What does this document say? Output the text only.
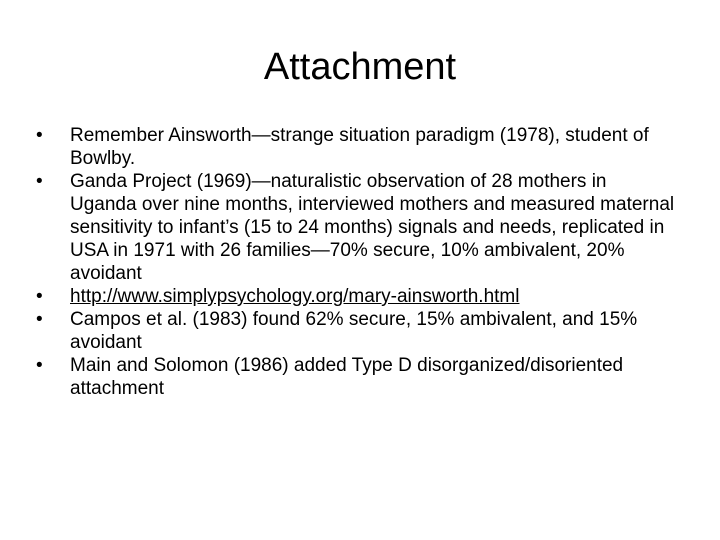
Attachment
•	Remember Ainsworth—strange situation paradigm (1978), student of Bowlby.
•	Ganda Project (1969)—naturalistic observation of 28 mothers in Uganda over nine months, interviewed mothers and measured maternal sensitivity to infant’s (15 to 24 months) signals and needs, replicated in USA in 1971 with 26 families—70% secure, 10% ambivalent, 20% avoidant
•	http://www.simplypsychology.org/mary-ainsworth.html
•	Campos et al. (1983) found 62% secure, 15% ambivalent, and 15% avoidant
•	Main and Solomon (1986) added Type D disorganized/disoriented attachment
